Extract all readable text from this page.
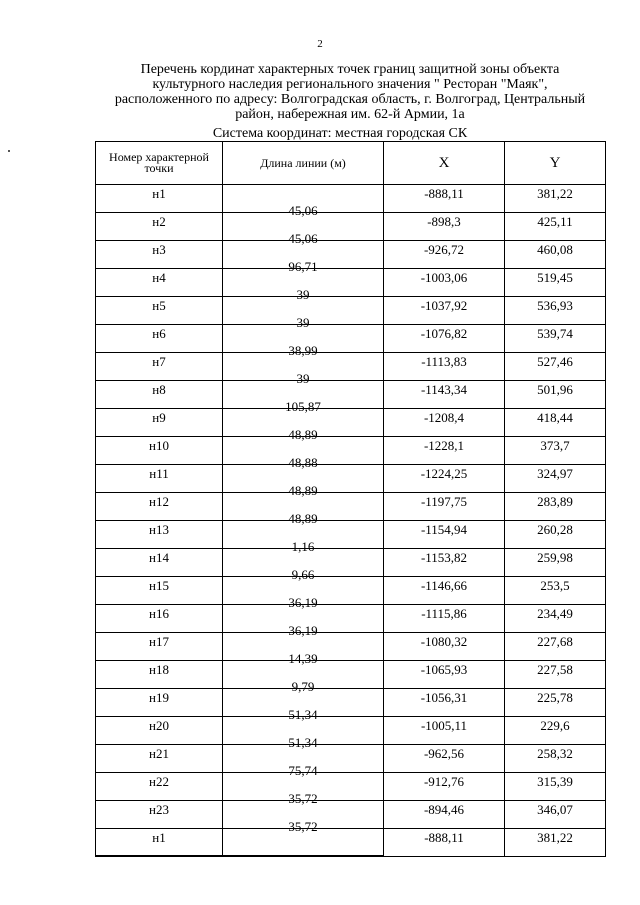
2
Перечень кординат характерных точек границ защитной зоны объекта
культурного наследия регионального значения " Ресторан "Маяк",
расположенного по адресу: Волгоградская область, г. Волгоград, Центральный
район, набережная им. 62-й Армии, 1а
Система координат: местная городская СК
Номер характерной точки	Длина линии (м)	X	Y
н1	45,06	-888,11	381,22
н2	45,06	-898,3	425,11
н3	96,71	-926,72	460,08
н4	39	-1003,06	519,45
н5	39	-1037,92	536,93
н6	38,99	-1076,82	539,74
н7	39	-1113,83	527,46
н8	105,87	-1143,34	501,96
н9	48,89	-1208,4	418,44
н10	48,88	-1228,1	373,7
н11	48,89	-1224,25	324,97
н12	48,89	-1197,75	283,89
н13	1,16	-1154,94	260,28
н14	9,66	-1153,82	259,98
н15	36,19	-1146,66	253,5
н16	36,19	-1115,86	234,49
н17	14,39	-1080,32	227,68
н18	9,79	-1065,93	227,58
н19	51,34	-1056,31	225,78
н20	51,34	-1005,11	229,6
н21	75,74	-962,56	258,32
н22	35,72	-912,76	315,39
н23	35,72	-894,46	346,07
н1		-888,11	381,22
